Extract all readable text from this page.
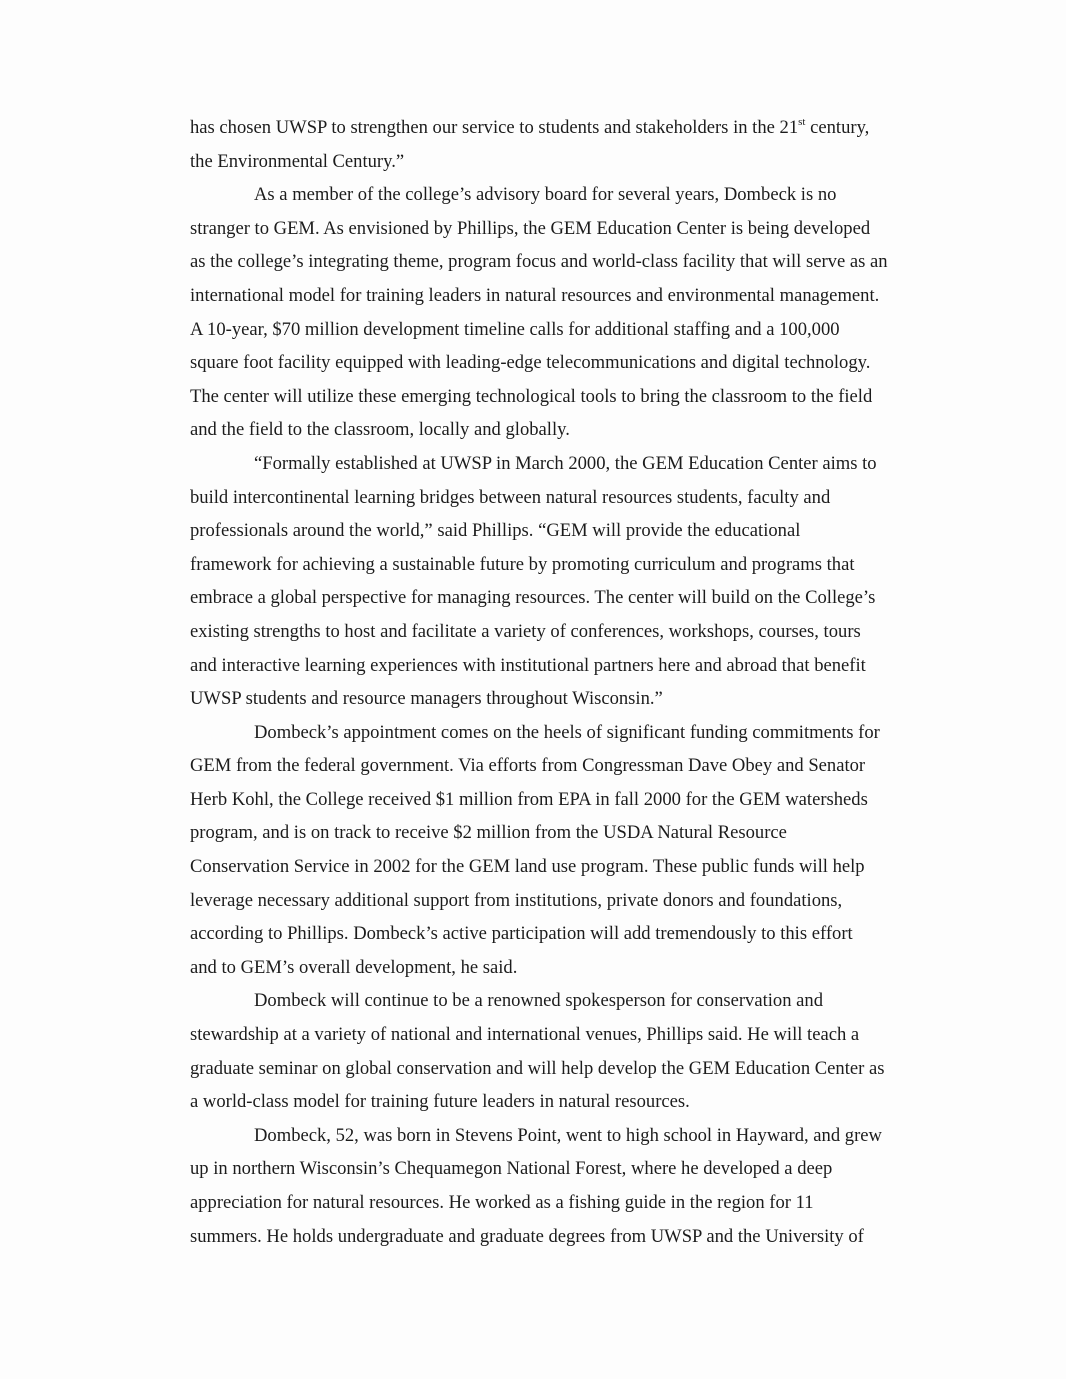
has chosen UWSP to strengthen our service to students and stakeholders in the 21st century,
the Environmental Century.”
As a member of the college’s advisory board for several years, Dombeck is no
stranger to GEM. As envisioned by Phillips, the GEM Education Center is being developed
as the college’s integrating theme, program focus and world-class facility that will serve as an
international model for training leaders in natural resources and environmental management.
A 10-year, $70 million development timeline calls for additional staffing and a 100,000
square foot facility equipped with leading-edge telecommunications and digital technology.
The center will utilize these emerging technological tools to bring the classroom to the field
and the field to the classroom, locally and globally.
“Formally established at UWSP in March 2000, the GEM Education Center aims to
build intercontinental learning bridges between natural resources students, faculty and
professionals around the world,” said Phillips. “GEM will provide the educational
framework for achieving a sustainable future by promoting curriculum and programs that
embrace a global perspective for managing resources. The center will build on the College’s
existing strengths to host and facilitate a variety of conferences, workshops, courses, tours
and interactive learning experiences with institutional partners here and abroad that benefit
UWSP students and resource managers throughout Wisconsin.”
Dombeck’s appointment comes on the heels of significant funding commitments for
GEM from the federal government. Via efforts from Congressman Dave Obey and Senator
Herb Kohl, the College received $1 million from EPA in fall 2000 for the GEM watersheds
program, and is on track to receive $2 million from the USDA Natural Resource
Conservation Service in 2002 for the GEM land use program. These public funds will help
leverage necessary additional support from institutions, private donors and foundations,
according to Phillips. Dombeck’s active participation will add tremendously to this effort
and to GEM’s overall development, he said.
Dombeck will continue to be a renowned spokesperson for conservation and
stewardship at a variety of national and international venues, Phillips said. He will teach a
graduate seminar on global conservation and will help develop the GEM Education Center as
a world-class model for training future leaders in natural resources.
Dombeck, 52, was born in Stevens Point, went to high school in Hayward, and grew
up in northern Wisconsin’s Chequamegon National Forest, where he developed a deep
appreciation for natural resources. He worked as a fishing guide in the region for 11
summers. He holds undergraduate and graduate degrees from UWSP and the University of
